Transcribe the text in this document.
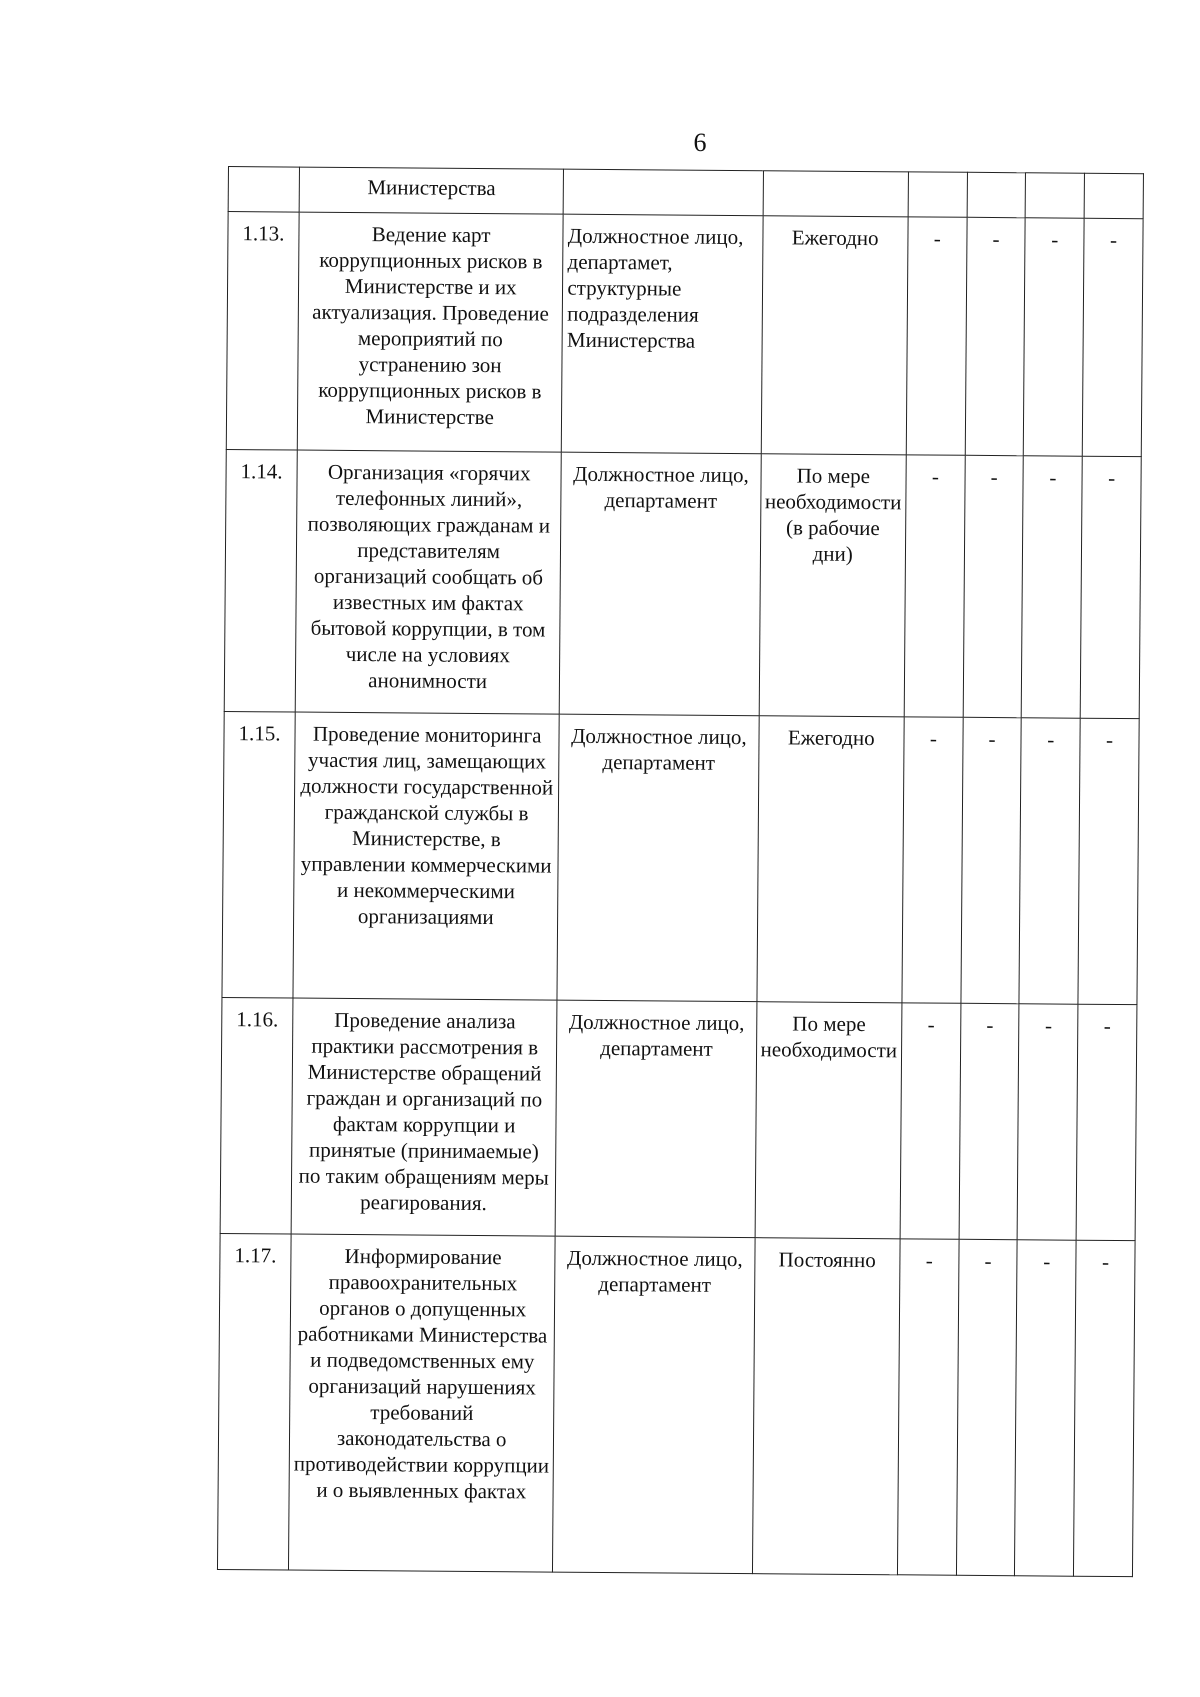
6
	Министерства						
1.13.	Ведение карт коррупционных рисков в Министерстве и их актуализация. Проведение мероприятий по устранению зон коррупционных рисков в Министерстве	Должностное лицо, департамет, структурные подразделения Министерства	Ежегодно	-	-	-	-
1.14.	Организация «горячих телефонных линий», позволяющих гражданам и представителям организаций сообщать об известных им фактах бытовой коррупции, в том числе на условиях анонимности	Должностное лицо, департамент	По мере необходимости (в рабочие дни)	-	-	-	-
1.15.	Проведение мониторинга участия лиц, замещающих должности государственной гражданской службы в Министерстве, в управлении коммерческими и некоммерческими организациями	Должностное лицо, департамент	Ежегодно	-	-	-	-
1.16.	Проведение анализа практики рассмотрения в Министерстве обращений граждан и организаций по фактам коррупции и принятые (принимаемые) по таким обращениям меры реагирования.	Должностное лицо, департамент	По мере необходимости	-	-	-	-
1.17.	Информирование правоохранительных органов о допущенных работниками Министерства и подведомственных ему организаций нарушениях требований законодательства о противодействии коррупции и о выявленных фактах	Должностное лицо, департамент	Постоянно	-	-	-	-
